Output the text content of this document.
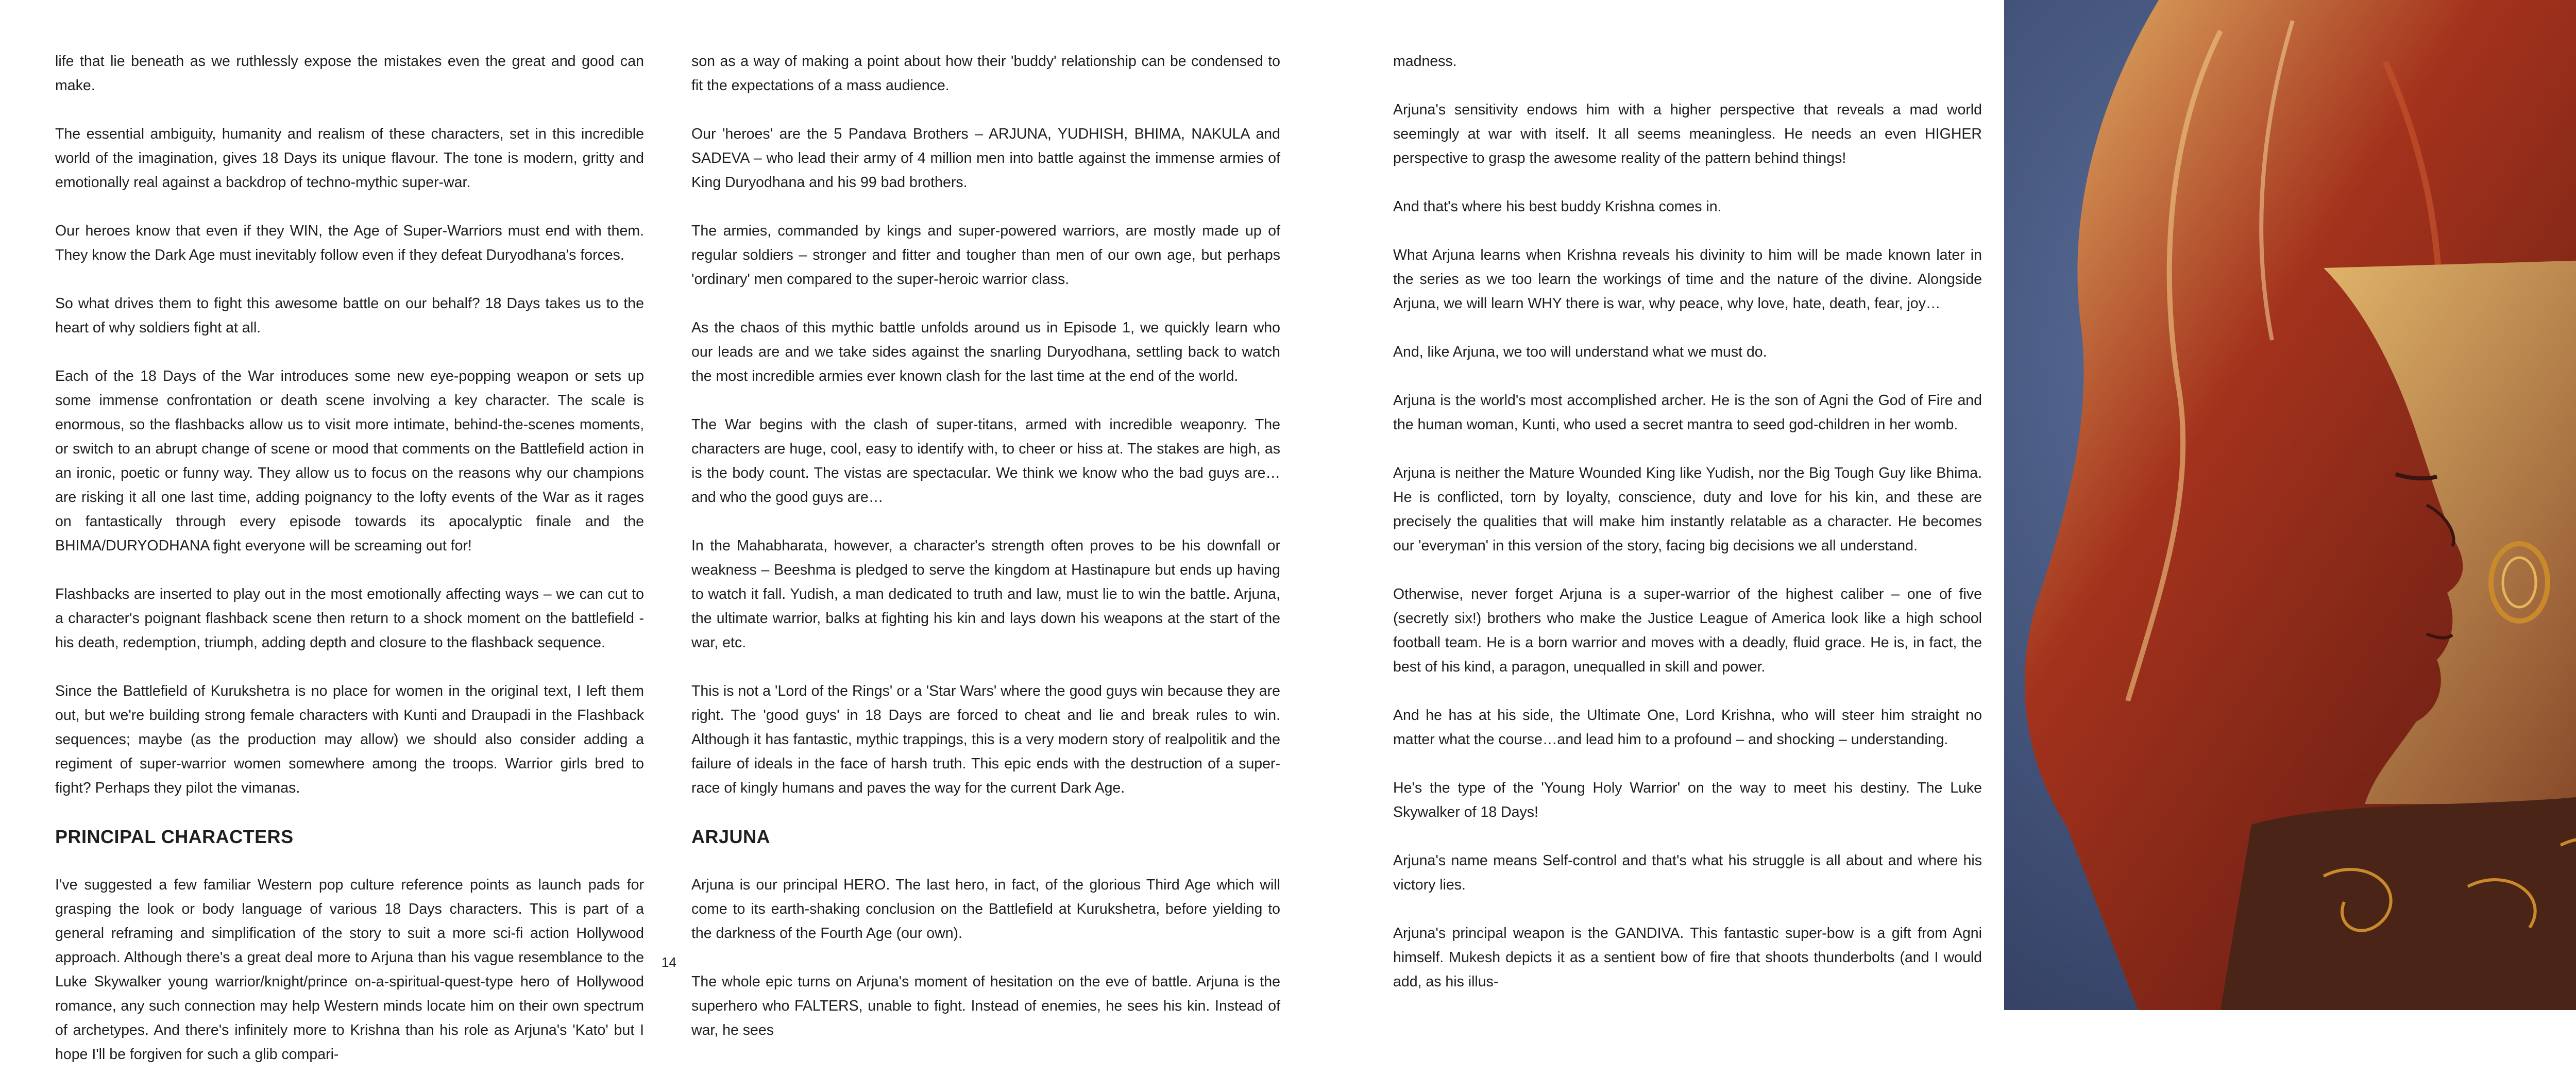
life that lie beneath as we ruthlessly expose the mistakes even the great and good can make.

The essential ambiguity, humanity and realism of these characters, set in this incredible world of the imagination, gives 18 Days its unique flavour. The tone is modern, gritty and emotionally real against a backdrop of techno-mythic super-war.

Our heroes know that even if they WIN, the Age of Super-Warriors must end with them. They know the Dark Age must inevitably follow even if they defeat Duryodhana's forces.

So what drives them to fight this awesome battle on our behalf? 18 Days takes us to the heart of why soldiers fight at all.

Each of the 18 Days of the War introduces some new eye-popping weapon or sets up some immense confrontation or death scene involving a key character. The scale is enormous, so the flashbacks allow us to visit more intimate, behind-the-scenes moments, or switch to an abrupt change of scene or mood that comments on the Battlefield action in an ironic, poetic or funny way. They allow us to focus on the reasons why our champions are risking it all one last time, adding poignancy to the lofty events of the War as it rages on fantastically through every episode towards its apocalyptic finale and the BHIMA/DURYODHANA fight everyone will be screaming out for!

Flashbacks are inserted to play out in the most emotionally affecting ways – we can cut to a character's poignant flashback scene then return to a shock moment on the battlefield - his death, redemption, triumph, adding depth and closure to the flashback sequence.

Since the Battlefield of Kurukshetra is no place for women in the original text, I left them out, but we're building strong female characters with Kunti and Draupadi in the Flashback sequences; maybe (as the production may allow) we should also consider adding a regiment of super-warrior women somewhere among the troops. Warrior girls bred to fight? Perhaps they pilot the vimanas.

PRINCIPAL CHARACTERS

I've suggested a few familiar Western pop culture reference points as launch pads for grasping the look or body language of various 18 Days characters. This is part of a general reframing and simplification of the story to suit a more sci-fi action Hollywood approach. Although there's a great deal more to Arjuna than his vague resemblance to the Luke Skywalker young warrior/knight/prince on-a-spiritual-quest-type hero of Hollywood romance, any such connection may help Western minds locate him on their own spectrum of archetypes. And there's infinitely more to Krishna than his role as Arjuna's 'Kato' but I hope I'll be forgiven for such a glib compari-

son as a way of making a point about how their 'buddy' relationship can be condensed to fit the expectations of a mass audience.

Our 'heroes' are the 5 Pandava Brothers – ARJUNA, YUDHISH, BHIMA, NAKULA and SADEVA – who lead their army of 4 million men into battle against the immense armies of King Duryodhana and his 99 bad brothers.

The armies, commanded by kings and super-powered warriors, are mostly made up of regular soldiers – stronger and fitter and tougher than men of our own age, but perhaps 'ordinary' men compared to the super-heroic warrior class.

As the chaos of this mythic battle unfolds around us in Episode 1, we quickly learn who our leads are and we take sides against the snarling Duryodhana, settling back to watch the most incredible armies ever known clash for the last time at the end of the world.

The War begins with the clash of super-titans, armed with incredible weaponry. The characters are huge, cool, easy to identify with, to cheer or hiss at. The stakes are high, as is the body count. The vistas are spectacular. We think we know who the bad guys are…and who the good guys are…

In the Mahabharata, however, a character's strength often proves to be his downfall or weakness – Beeshma is pledged to serve the kingdom at Hastinapure but ends up having to watch it fall. Yudish, a man dedicated to truth and law, must lie to win the battle. Arjuna, the ultimate warrior, balks at fighting his kin and lays down his weapons at the start of the war, etc.

This is not a 'Lord of the Rings' or a 'Star Wars' where the good guys win because they are right. The 'good guys' in 18 Days are forced to cheat and lie and break rules to win. Although it has fantastic, mythic trappings, this is a very modern story of realpolitik and the failure of ideals in the face of harsh truth. This epic ends with the destruction of a super-race of kingly humans and paves the way for the current Dark Age.

ARJUNA

Arjuna is our principal HERO. The last hero, in fact, of the glorious Third Age which will come to its earth-shaking conclusion on the Battlefield at Kurukshetra, before yielding to the darkness of the Fourth Age (our own).

The whole epic turns on Arjuna's moment of hesitation on the eve of battle. Arjuna is the superhero who FALTERS, unable to fight. Instead of enemies, he sees his kin. Instead of war, he sees

madness.

Arjuna's sensitivity endows him with a higher perspective that reveals a mad world seemingly at war with itself. It all seems meaningless. He needs an even HIGHER perspective to grasp the awesome reality of the pattern behind things!

And that's where his best buddy Krishna comes in.

What Arjuna learns when Krishna reveals his divinity to him will be made known later in the series as we too learn the workings of time and the nature of the divine. Alongside Arjuna, we will learn WHY there is war, why peace, why love, hate, death, fear, joy…

And, like Arjuna, we too will understand what we must do.

Arjuna is the world's most accomplished archer. He is the son of Agni the God of Fire and the human woman, Kunti, who used a secret mantra to seed god-children in her womb.

Arjuna is neither the Mature Wounded King like Yudish, nor the Big Tough Guy like Bhima. He is conflicted, torn by loyalty, conscience, duty and love for his kin, and these are precisely the qualities that will make him instantly relatable as a character. He becomes our 'everyman' in this version of the story, facing big decisions we all understand.

Otherwise, never forget Arjuna is a super-warrior of the highest caliber – one of five (secretly six!) brothers who make the Justice League of America look like a high school football team. He is a born warrior and moves with a deadly, fluid grace. He is, in fact, the best of his kind, a paragon, unequalled in skill and power.

And he has at his side, the Ultimate One, Lord Krishna, who will steer him straight no matter what the course…and lead him to a profound – and shocking – understanding.

He's the type of the 'Young Holy Warrior' on the way to meet his destiny. The Luke Skywalker of 18 Days!

Arjuna's name means Self-control and that's what his struggle is all about and where his victory lies.

Arjuna's principal weapon is the GANDIVA. This fantastic super-bow is a gift from Agni himself. Mukesh depicts it as a sentient bow of fire that shoots thunderbolts (and I would add, as his illus-

14
